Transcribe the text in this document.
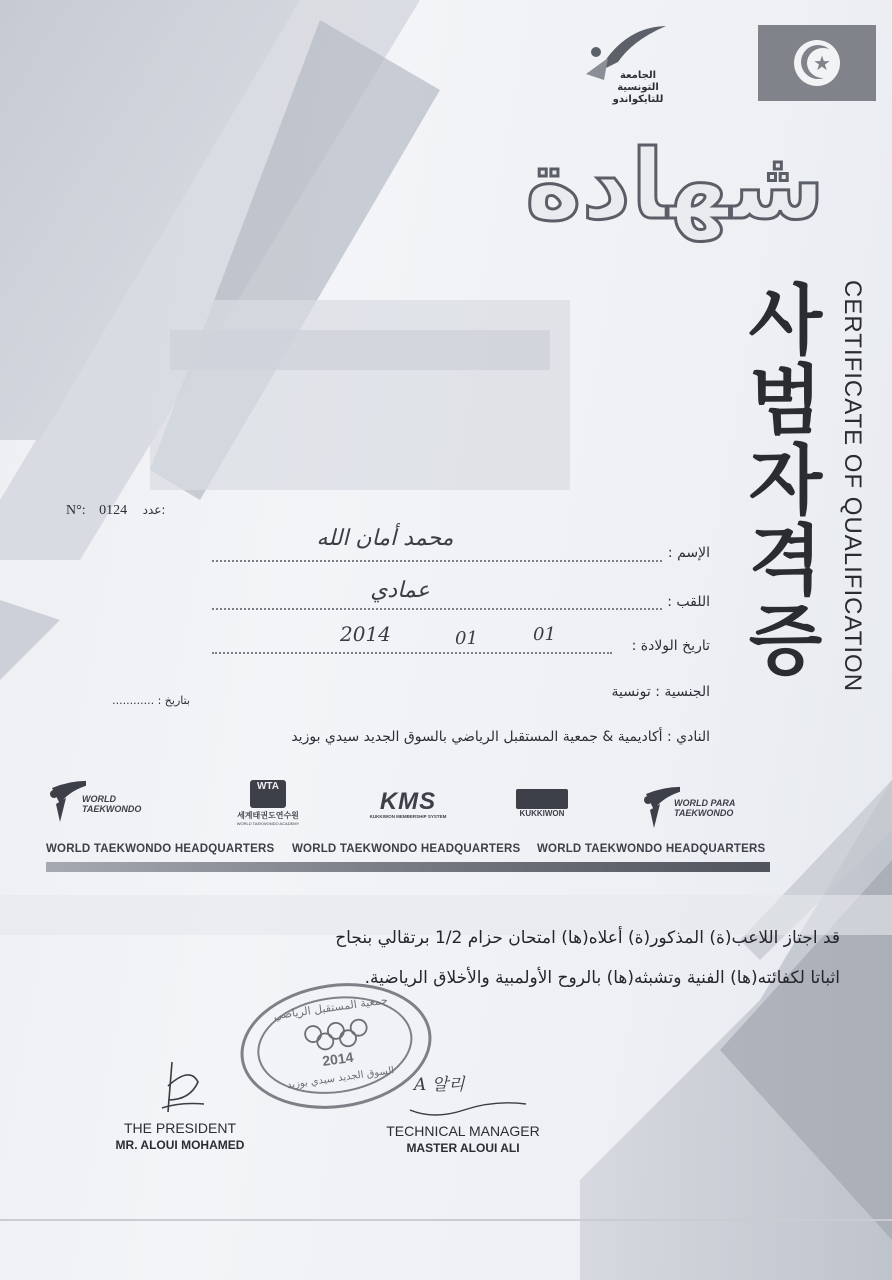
الجامعة التونسية للتايكواندو
★
شهادة
사범자격증 CERTIFICATE OF QUALIFICATION
N°: 0124 عدد:
الإسم :
محمد أمان الله
اللقب :
عمادي
تاريخ الولادة :
2014	01	01
الجنسية : تونسية
بتاريخ : ............
النادي : أكاديمية & جمعية المستقبل الرياضي بالسوق الجديد سيدي بوزيد
WORLD TAEKWONDO
WTA
세계태권도연수원
WORLD TAEKWONDO ACADEMY
KMS
KUKKIWON MEMBERSHIP SYSTEM	KUKKIWON
WORLD PARA TAEKWONDO
WORLD TAEKWONDO HEADQUARTERS WORLD TAEKWONDO HEADQUARTERS WORLD TAEKWONDO HEADQUARTERS
قد اجتاز اللاعب(ة) المذكور(ة) أعلاه(ها) امتحان حزام 1/2 برتقالي بنجاح
اثباتا لكفائته(ها) الفنية وتشبثه(ها) بالروح الأولمبية والأخلاق الرياضية.
جمعية المستقبل الرياضي
2014
السوق الجديد سيدي بوزيد
THE PRESIDENT
MR. ALOUI MOHAMED
A 알리
TECHNICAL MANAGER
MASTER ALOUI ALI
